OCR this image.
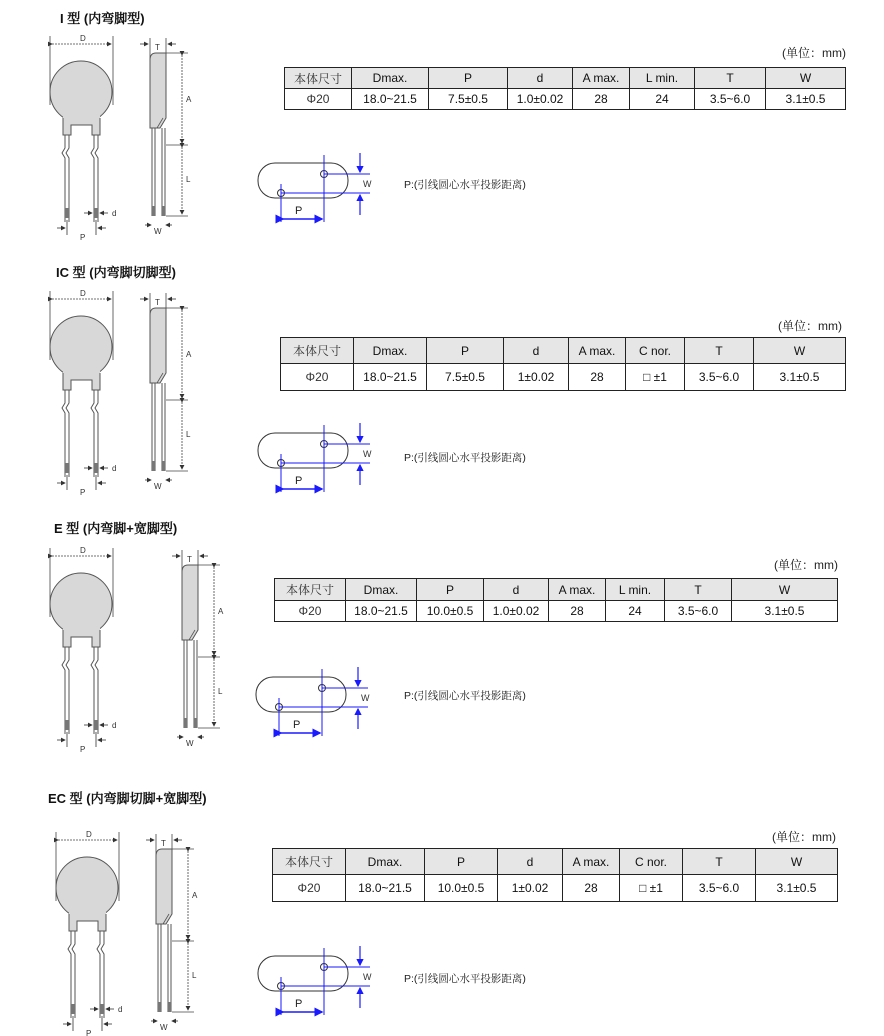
I 型 (内弯脚型)
D
d
P
T
A
L
W
(单位：mm)
本体尺寸	Dmax.	P	d	A max.	L min.	T	W
Φ20	18.0~21.5	7.5±0.5	1.0±0.02	28	24	3.5~6.0	3.1±0.5
W
P
P:(引线圆心水平投影距离)
IC 型 (内弯脚切脚型)
D
d
P
T
A
L
W
(单位：mm)
本体尺寸	Dmax.	P	d	A max.	C nor.	T	W
Φ20	18.0~21.5	7.5±0.5	1±0.02	28	□ ±1	3.5~6.0	3.1±0.5
W
P
P:(引线圆心水平投影距离)
E 型 (内弯脚+宽脚型)
D
d
P
T
A
L
W
(单位：mm)
本体尺寸	Dmax.	P	d	A max.	L min.	T	W
Φ20	18.0~21.5	10.0±0.5	1.0±0.02	28	24	3.5~6.0	3.1±0.5
W
P
P:(引线圆心水平投影距离)
EC 型 (内弯脚切脚+宽脚型)
D
d
P
T
A
L
W
(单位：mm)
本体尺寸	Dmax.	P	d	A max.	C nor.	T	W
Φ20	18.0~21.5	10.0±0.5	1±0.02	28	□ ±1	3.5~6.0	3.1±0.5
W
P
P:(引线圆心水平投影距离)
